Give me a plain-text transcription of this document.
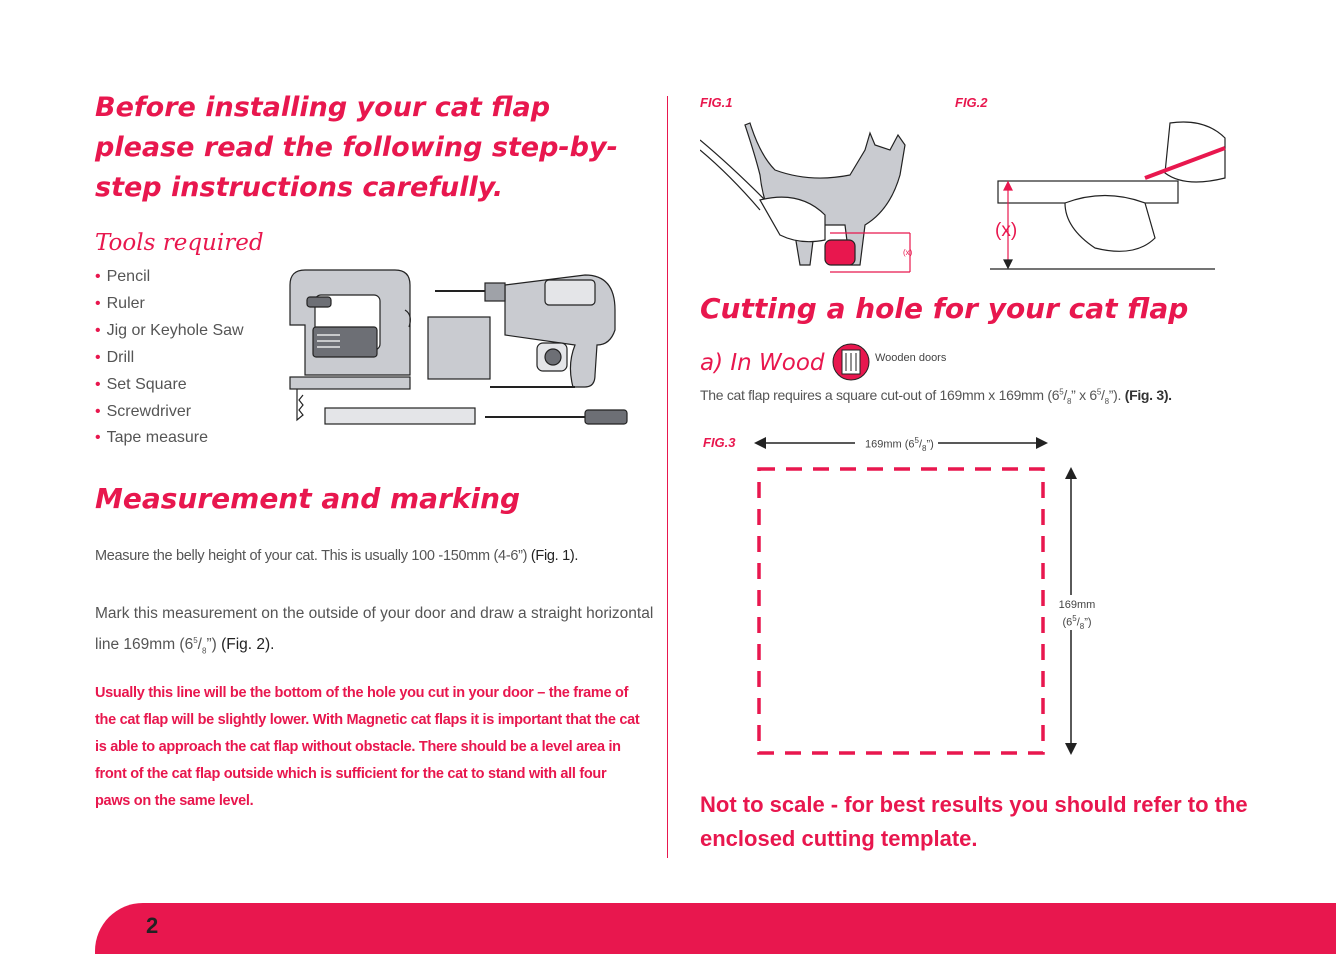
Before installing your cat flap please read the following step-by-step instructions carefully.
Tools required
• Pencil
• Ruler
• Jig or Keyhole Saw
• Drill
• Set Square
• Screwdriver
• Tape measure
Measurement and marking

Measure the belly height of your cat. This is usually 100 -150mm (4-6”) (Fig. 1).

Mark this measurement on the outside of your door and draw a straight horizontal line 169mm $(6^5/_8”)$ (Fig. 2).

Usually this line will be the bottom of the hole you cut in your door – the frame of the cat flap will be slightly lower. With Magnetic cat flaps it is important that the cat is able to approach the cat flap without obstacle. There should be a level area in front of the cat flap outside which is sufficient for the cat to stand with all four paws on the same level.

FIG.1	FIG.2
(x)
(x)
Cutting a hole for your cat flap
a) In Wood	Wooden doors

The cat flap requires a square cut-out of 169mm x 169mm ($6^5/_8$” x $6^5/_8$”). (Fig. 3).

FIG.3	169mm $(6^5/_8”)$
169mm
$(6^5/_8”)$

Not to scale - for best results you should refer to the enclosed cutting template.

2
